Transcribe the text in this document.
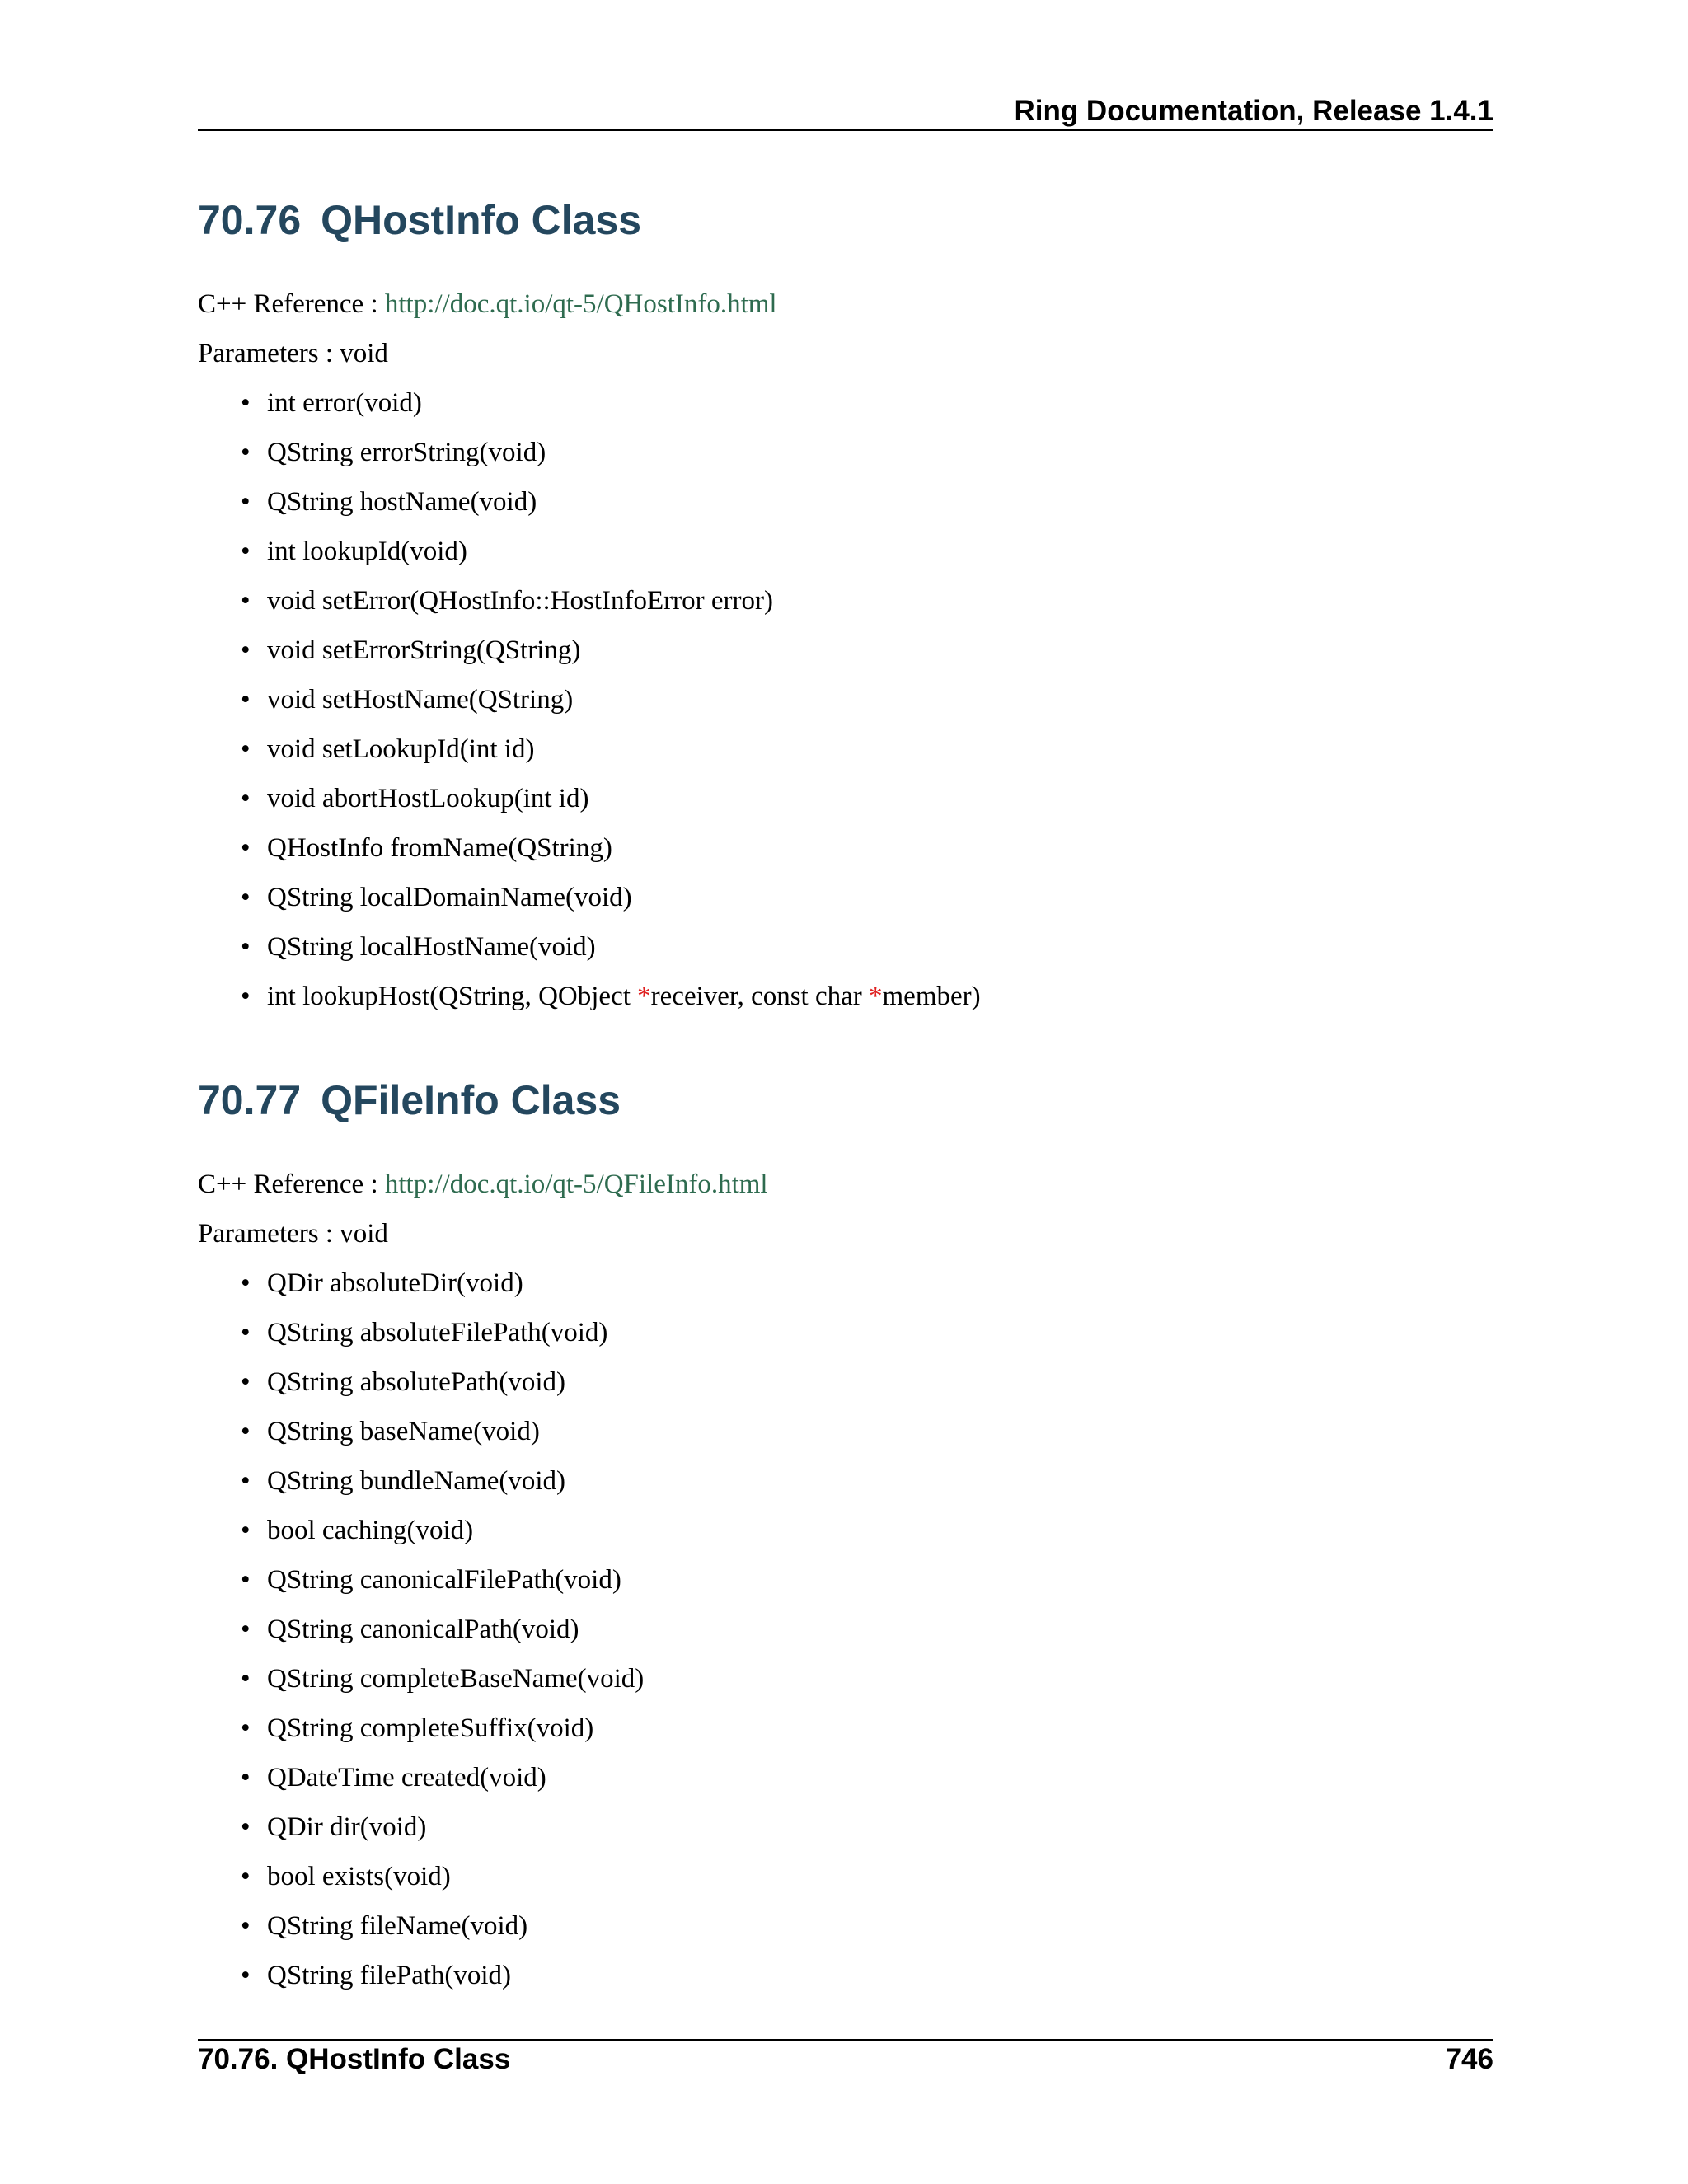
Ring Documentation, Release 1.4.1
70.76 QHostInfo Class

C++ Reference : http://doc.qt.io/qt-5/QHostInfo.html

Parameters : void

• int error(void)
• QString errorString(void)
• QString hostName(void)
• int lookupId(void)
• void setError(QHostInfo::HostInfoError error)
• void setErrorString(QString)
• void setHostName(QString)
• void setLookupId(int id)
• void abortHostLookup(int id)
• QHostInfo fromName(QString)
• QString localDomainName(void)
• QString localHostName(void)
• int lookupHost(QString, QObject *receiver, const char *member)
70.77 QFileInfo Class

C++ Reference : http://doc.qt.io/qt-5/QFileInfo.html

Parameters : void

• QDir absoluteDir(void)
• QString absoluteFilePath(void)
• QString absolutePath(void)
• QString baseName(void)
• QString bundleName(void)
• bool caching(void)
• QString canonicalFilePath(void)
• QString canonicalPath(void)
• QString completeBaseName(void)
• QString completeSuffix(void)
• QDateTime created(void)
• QDir dir(void)
• bool exists(void)
• QString fileName(void)
• QString filePath(void)
70.76. QHostInfo Class	746
